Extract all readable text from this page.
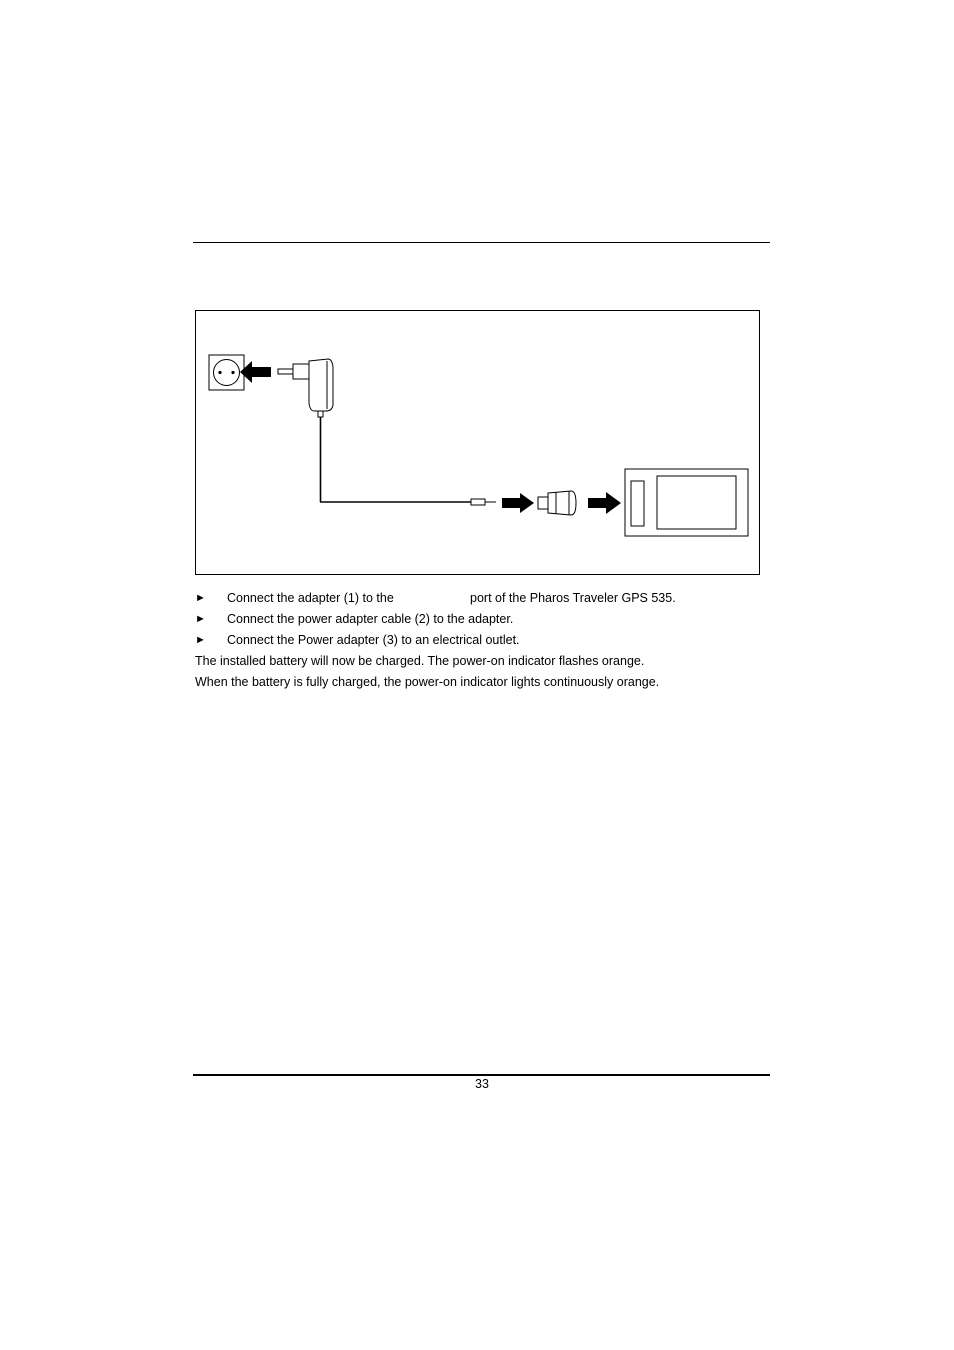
► Connect the adapter (1) to the	port of the Pharos Traveler GPS 535.
► Connect the power adapter cable (2) to the adapter.
► Connect the Power adapter (3) to an electrical outlet.
The installed battery will now be charged. The power-on indicator flashes orange.
When the battery is fully charged, the power-on indicator lights continuously orange.
33
